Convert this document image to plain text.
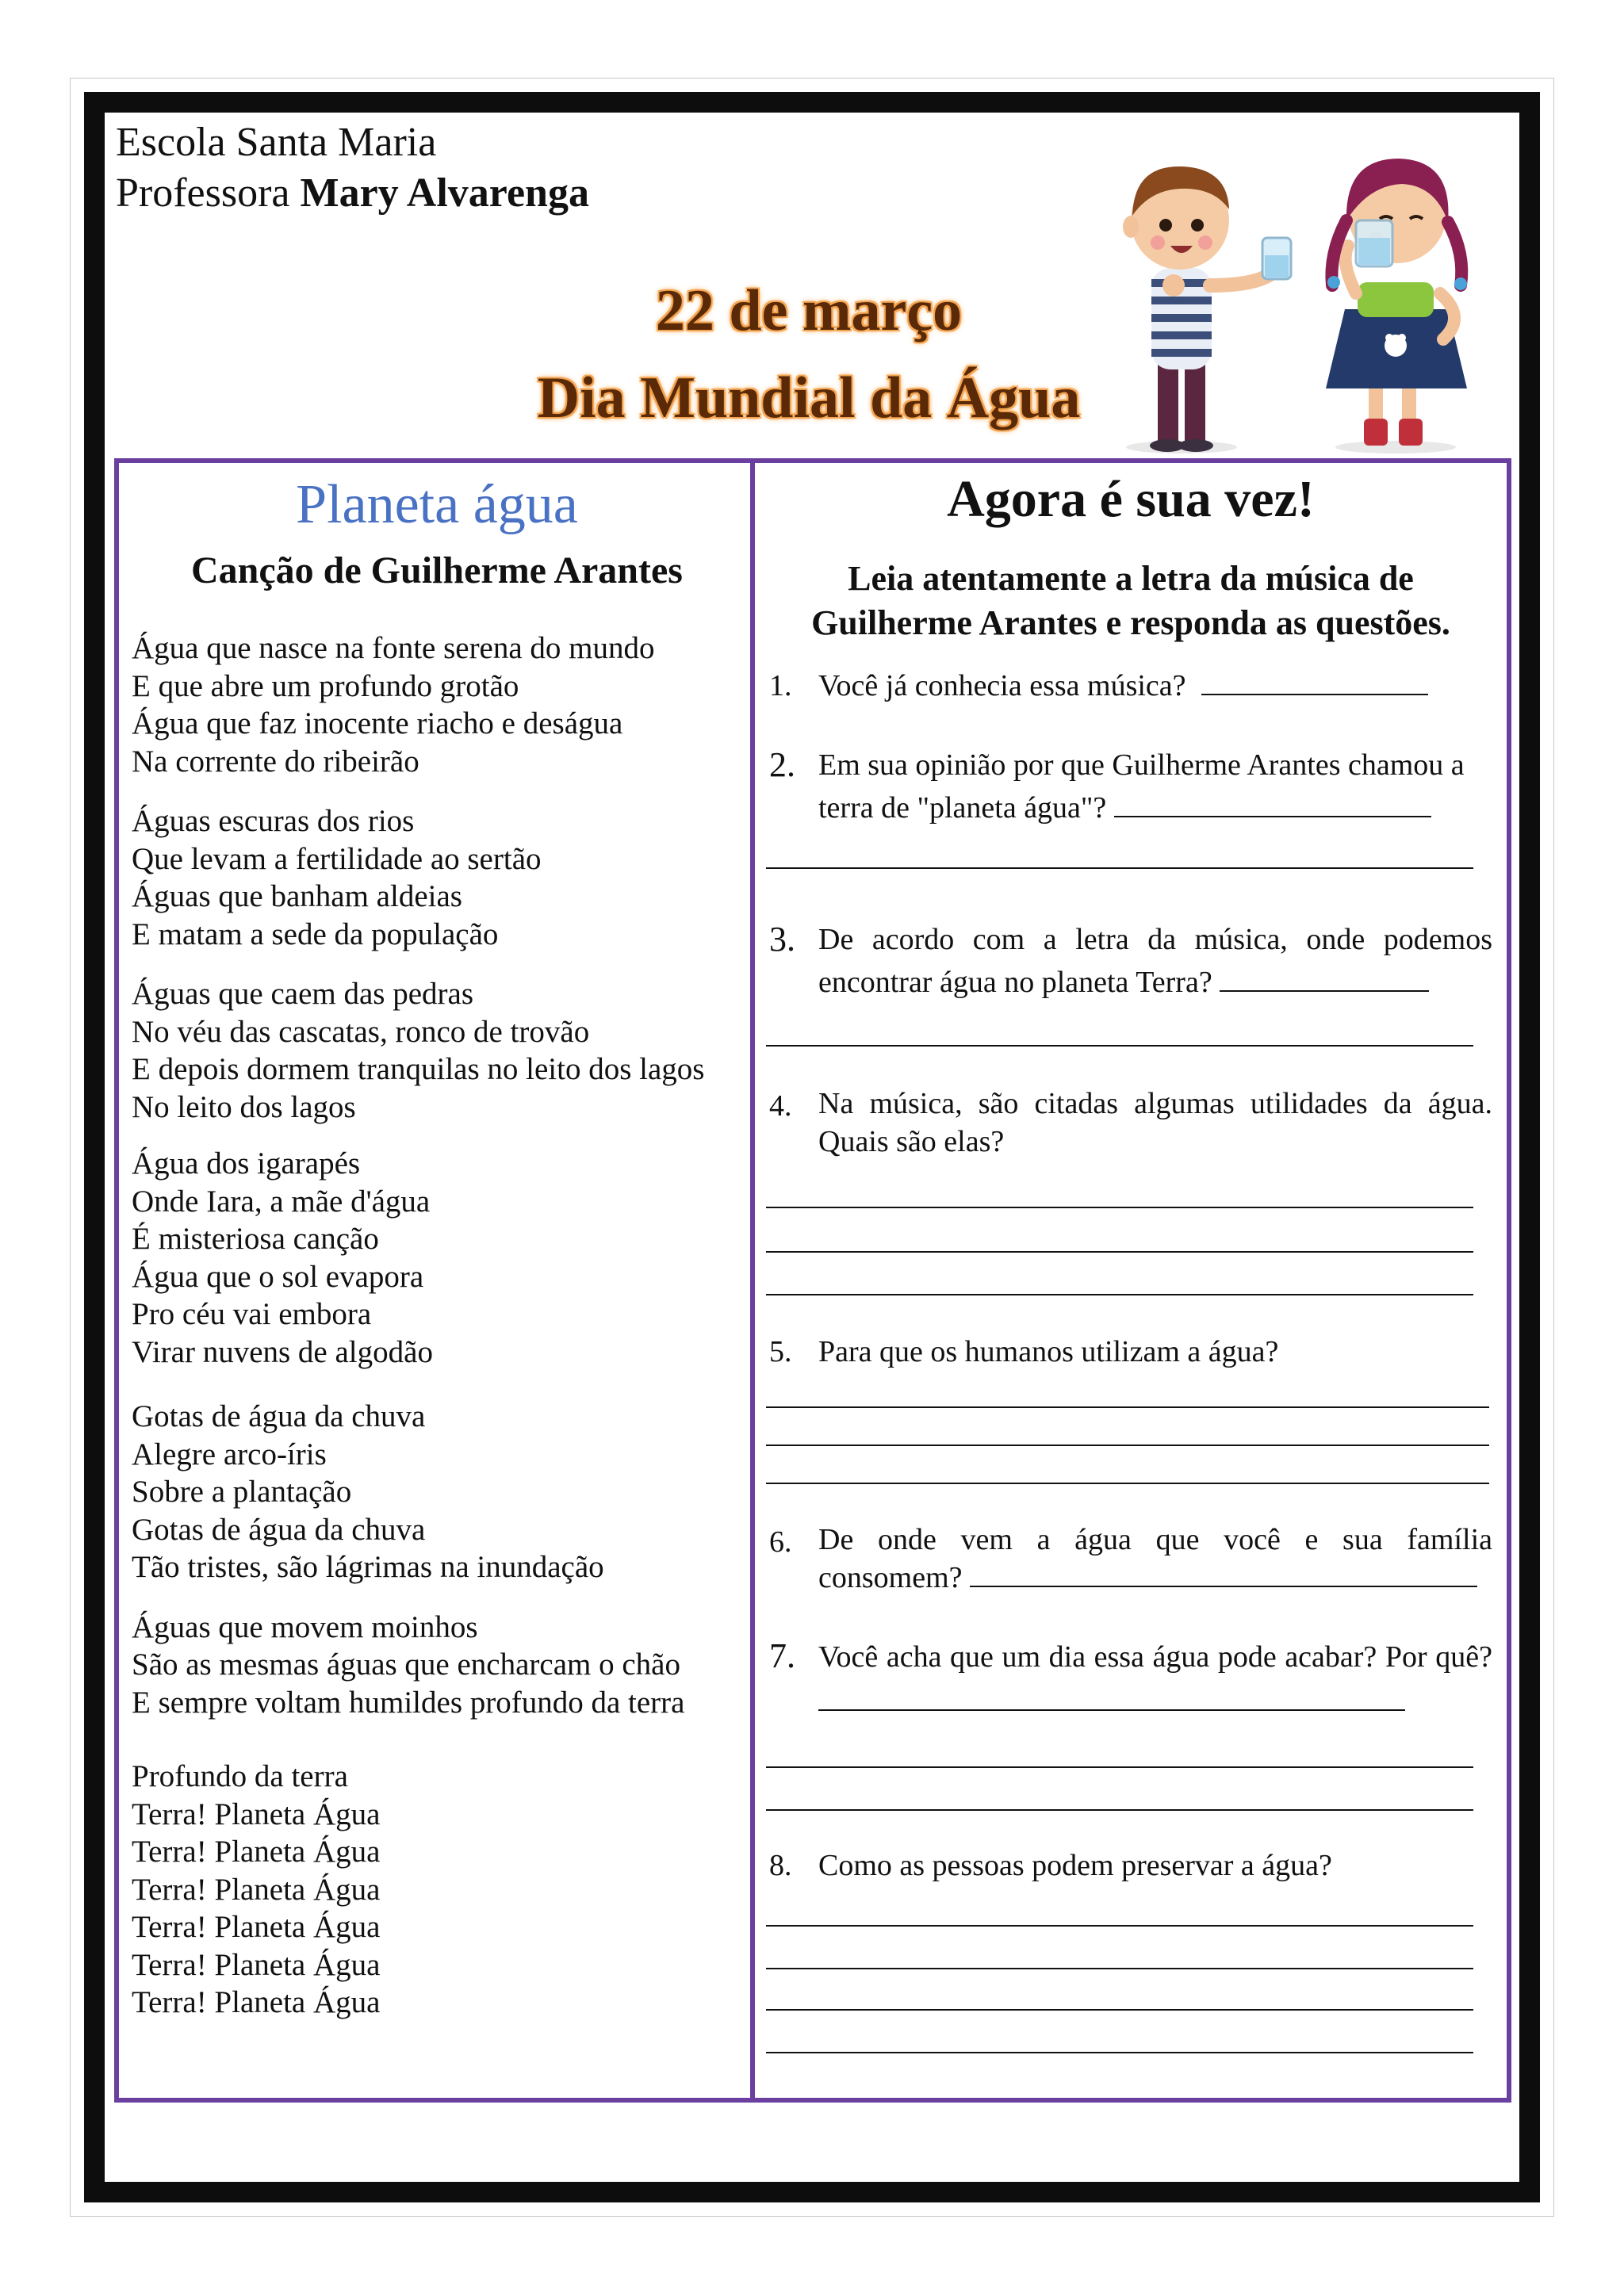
Escola Santa Maria
Professora Mary Alvarenga
22 de março
Dia Mundial da Água
Planeta água
Canção de Guilherme Arantes
Água que nasce na fonte serena do mundo
E que abre um profundo grotão
Água que faz inocente riacho e deságua
Na corrente do ribeirão
Águas escuras dos rios
Que levam a fertilidade ao sertão
Águas que banham aldeias
E matam a sede da população
Águas que caem das pedras
No véu das cascatas, ronco de trovão
E depois dormem tranquilas no leito dos lagos
No leito dos lagos
Água dos igarapés
Onde Iara, a mãe d'água
É misteriosa canção
Água que o sol evapora
Pro céu vai embora
Virar nuvens de algodão
Gotas de água da chuva
Alegre arco-íris
Sobre a plantação
Gotas de água da chuva
Tão tristes, são lágrimas na inundação
Águas que movem moinhos
São as mesmas águas que encharcam o chão
E sempre voltam humildes profundo da terra
Profundo da terra
Terra! Planeta Água
Terra! Planeta Água
Terra! Planeta Água
Terra! Planeta Água
Terra! Planeta Água
Terra! Planeta Água
Agora é sua vez!
Leia atentamente a letra da música de Guilherme Arantes e responda as questões.
1. Você já conhecia essa música?
2. Em sua opinião por que Guilherme Arantes chamou a terra de "planeta água"?
3. De acordo com a letra da música, onde podemos encontrar água no planeta Terra?
4. Na música, são citadas algumas utilidades da água. Quais são elas?
5. Para que os humanos utilizam a água?
6. De onde vem a água que você e sua família consomem?
7. Você acha que um dia essa água pode acabar? Por quê?
8. Como as pessoas podem preservar a água?
